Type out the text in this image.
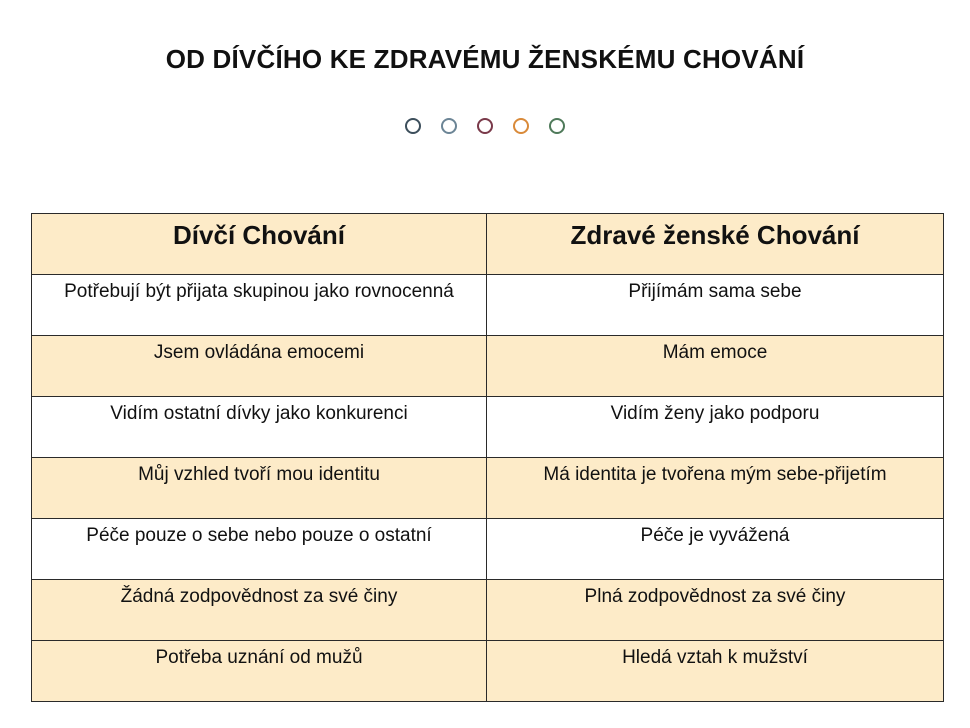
OD DÍVČÍHO KE ZDRAVÉMU ŽENSKÉMU CHOVÁNÍ
Dívčí Chování	Zdravé ženské Chování
Potřebují být přijata skupinou jako rovnocenná	Přijímám sama sebe
Jsem ovládána emocemi	Mám emoce
Vidím ostatní dívky jako konkurenci	Vidím ženy jako podporu
Můj vzhled tvoří mou identitu	Má identita je tvořena mým sebe-přijetím
Péče pouze o sebe nebo pouze o ostatní	Péče je vyvážená
Žádná zodpovědnost za své činy	Plná zodpovědnost za své činy
Potřeba uznání od mužů	Hledá vztah k mužství
